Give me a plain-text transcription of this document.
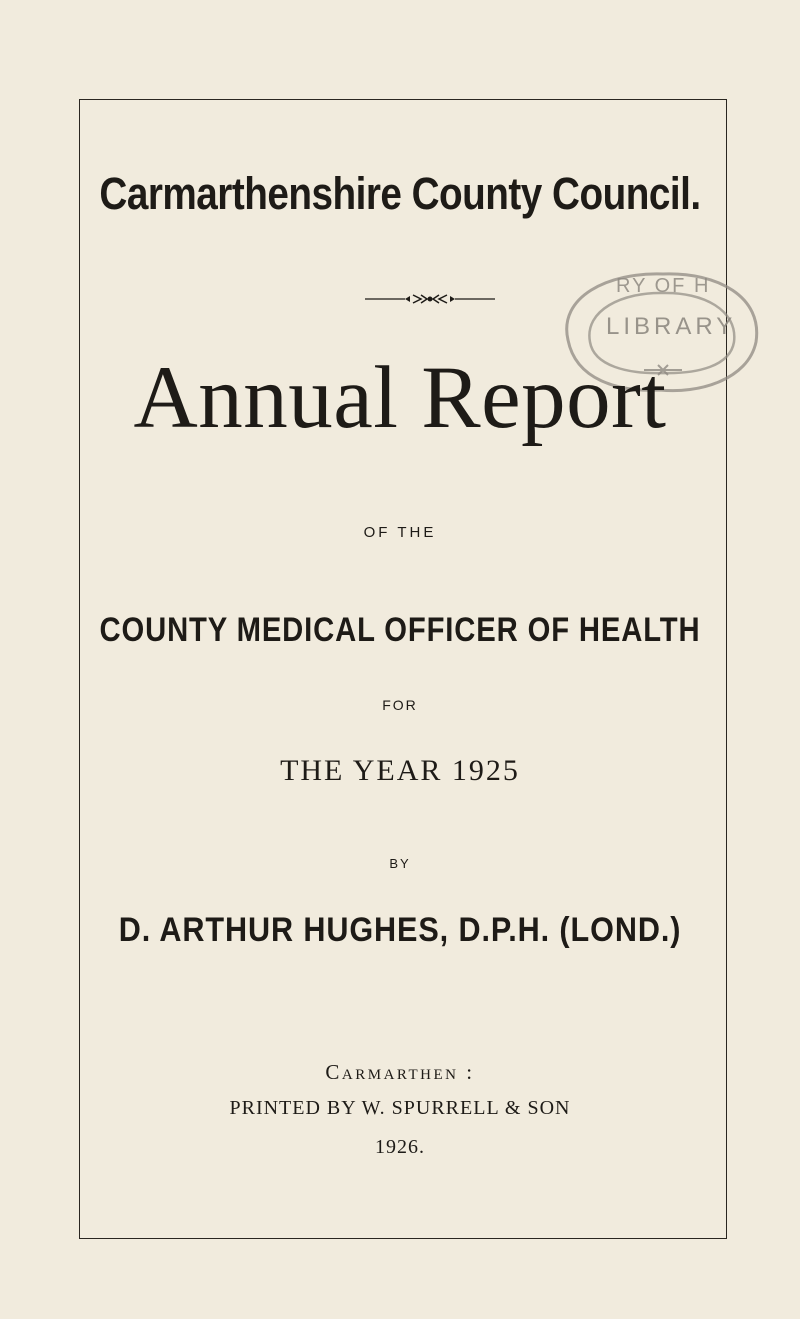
Carmarthenshire County Council.
RY OF H
LIBRARY
Annual Report
OF THE
COUNTY MEDICAL OFFICER OF HEALTH
FOR
THE YEAR 1925
BY
D. ARTHUR HUGHES, D.P.H. (LOND.)
Carmarthen :
PRINTED BY W. SPURRELL & SON
1926.
